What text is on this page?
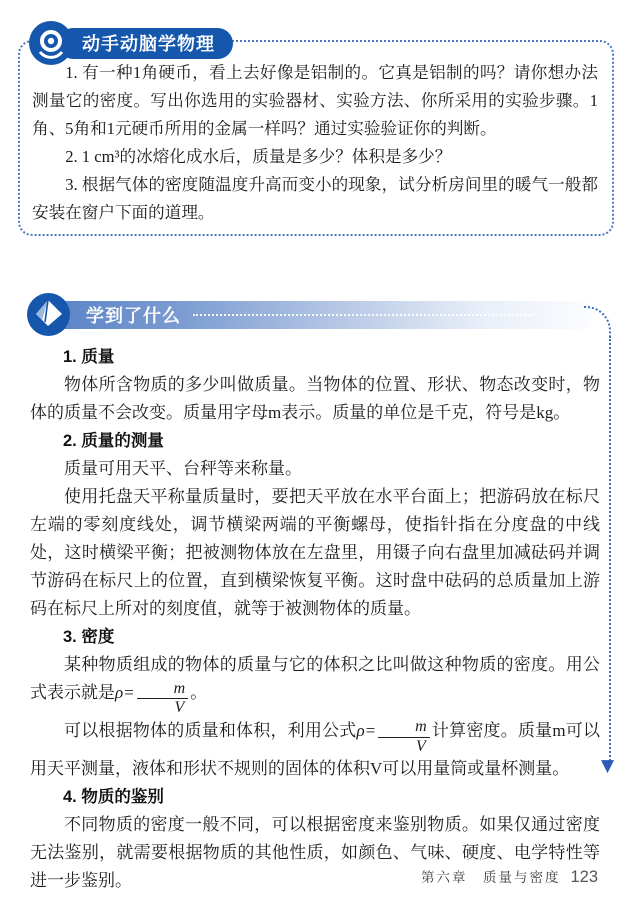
动手动脑学物理

1. 有一种1角硬币，看上去好像是铝制的。它真是铝制的吗？请你想办法测量它的密度。写出你选用的实验器材、实验方法、你所采用的实验步骤。1角、5角和1元硬币所用的金属一样吗？通过实验验证你的判断。

2. 1 cm³的冰熔化成水后，质量是多少？体积是多少？

3. 根据气体的密度随温度升高而变小的现象，试分析房间里的暖气一般都安装在窗户下面的道理。

学到了什么
▼

1. 质量

物体所含物质的多少叫做质量。当物体的位置、形状、物态改变时，物体的质量不会改变。质量用字母m表示。质量的单位是千克，符号是kg。

2. 质量的测量

质量可用天平、台秤等来称量。

使用托盘天平称量质量时，要把天平放在水平台面上；把游码放在标尺左端的零刻度线处，调节横梁两端的平衡螺母，使指针指在分度盘的中线处，这时横梁平衡；把被测物体放在左盘里，用镊子向右盘里加减砝码并调节游码在标尺上的位置，直到横梁恢复平衡。这时盘中砝码的总质量加上游码在标尺上所对的刻度值，就等于被测物体的质量。

3. 密度

某种物质组成的物体的质量与它的体积之比叫做这种物质的密度。用公式表示就是$\rho= \frac{m}{V}$ 。

可以根据物体的质量和体积，利用公式$\rho= \frac{m}{V}$ 计算密度。质量m可以用天平测量，液体和形状不规则的固体的体积V可以用量筒或量杯测量。

4. 物质的鉴别

不同物质的密度一般不同，可以根据密度来鉴别物质。如果仅通过密度无法鉴别，就需要根据物质的其他性质，如颜色、气味、硬度、电学特性等进一步鉴别。	第六章　质量与密度 123
